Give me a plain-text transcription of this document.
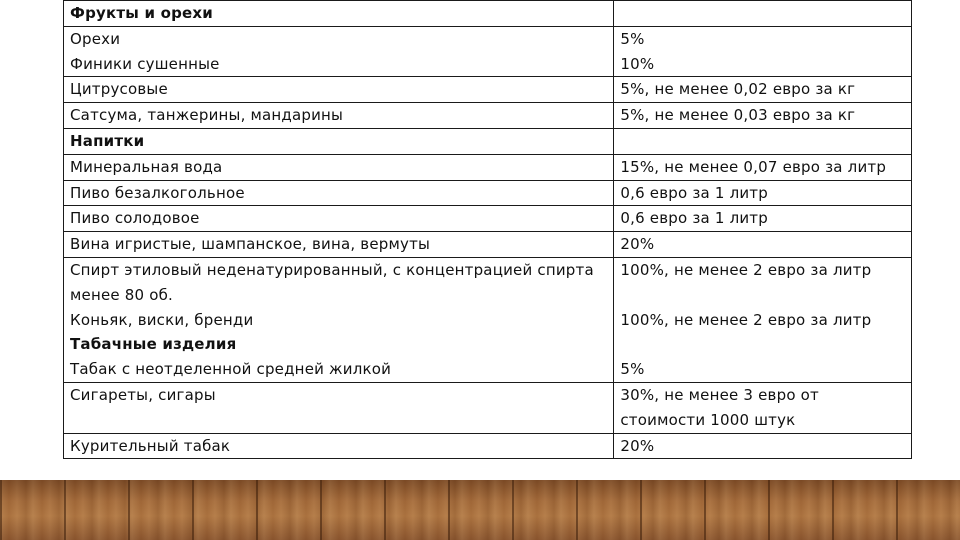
Фрукты и орехи	
Орехи	5%
Финики сушенные	10%
Цитрусовые	5%, не менее 0,02 евро за кг
Сатсума, танжерины, мандарины	5%, не менее 0,03 евро за кг
Напитки	
Минеральная вода	15%, не менее 0,07 евро за литр
Пиво безалкогольное	0,6 евро за 1 литр
Пиво солодовое	0,6 евро за 1 литр
Вина игристые, шампанское, вина, вермуты	20%

Спирт этиловый неденатурированный, с концентрацией спирта
менее 80 об.	100%, не менее 2 евро за литр
Коньяк, виски, бренди	100%, не менее 2 евро за литр
Табачные изделия	
Табак с неотделенной средней жилкой	5%
Сигареты, сигары	30%, не менее 3 евро от
стоимости 1000 штук

Курительный табак	20%
